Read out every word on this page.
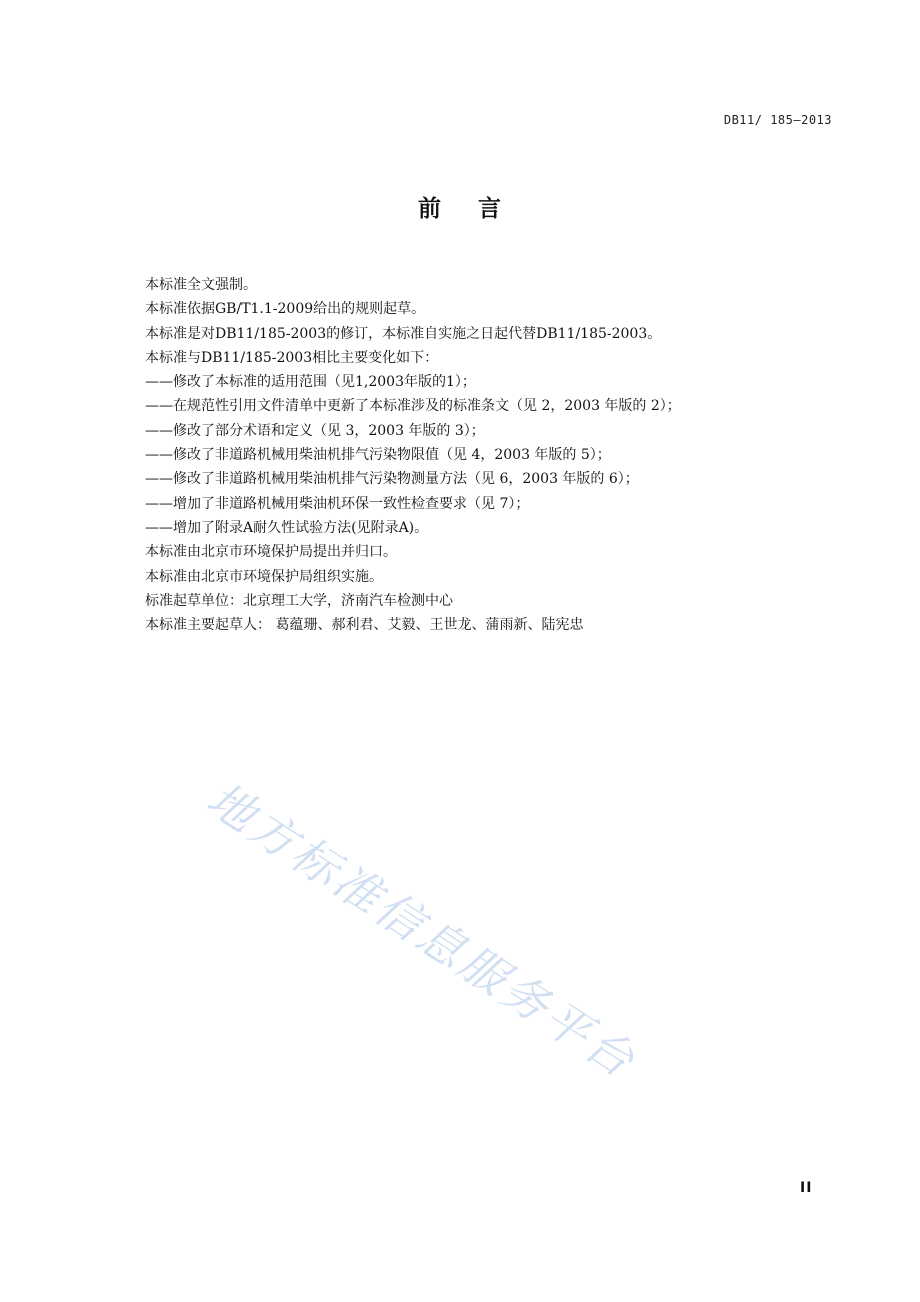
DB11/ 185—2013
前    言
本标准全文强制。
本标准依据GB/T1.1-2009给出的规则起草。
本标准是对DB11/185-2003的修订，本标准自实施之日起代替DB11/185-2003。
本标准与DB11/185-2003相比主要变化如下：
——修改了本标准的适用范围（见1,2003年版的1）；
——在规范性引用文件清单中更新了本标准涉及的标准条文（见 2，2003 年版的 2）；
——修改了部分术语和定义（见 3，2003 年版的 3）；
——修改了非道路机械用柴油机排气污染物限值（见 4，2003 年版的 5）；
——修改了非道路机械用柴油机排气污染物测量方法（见 6，2003 年版的 6）；
——增加了非道路机械用柴油机环保一致性检查要求（见 7）；
——增加了附录A耐久性试验方法(见附录A)。
本标准由北京市环境保护局提出并归口。
本标准由北京市环境保护局组织实施。
标准起草单位：北京理工大学，济南汽车检测中心
本标准主要起草人： 葛蕴珊、郝利君、艾毅、王世龙、蒲雨新、陆宪忠
地方标准信息服务平台
II
